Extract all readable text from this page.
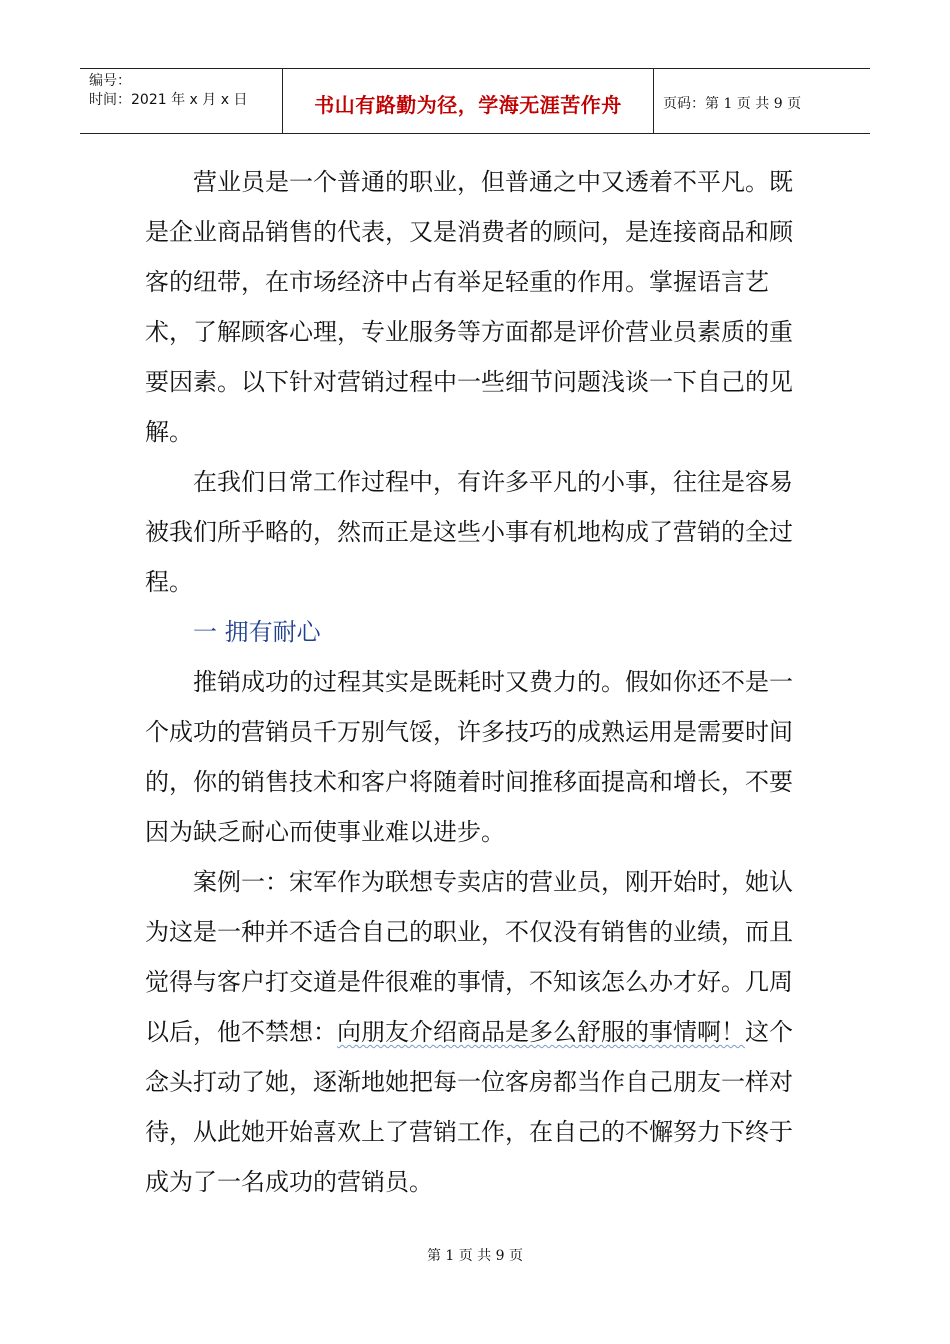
编号：
时间：2021 年 x 月 x 日	书山有路勤为径，学海无涯苦作舟	页码：第 1 页 共 9 页

营业员是一个普通的职业，但普通之中又透着不平凡。既是企业商品销售的代表，又是消费者的顾问，是连接商品和顾客的纽带，在市场经济中占有举足轻重的作用。掌握语言艺术，了解顾客心理，专业服务等方面都是评价营业员素质的重要因素。以下针对营销过程中一些细节问题浅谈一下自己的见解。

在我们日常工作过程中，有许多平凡的小事，往往是容易被我们所乎略的，然而正是这些小事有机地构成了营销的全过程。

一 拥有耐心

推销成功的过程其实是既耗时又费力的。假如你还不是一个成功的营销员千万别气馁，许多技巧的成熟运用是需要时间的，你的销售技术和客户将随着时间推移面提高和增长，不要因为缺乏耐心而使事业难以进步。

案例一：宋军作为联想专卖店的营业员，刚开始时，她认为这是一种并不适合自己的职业，不仅没有销售的业绩，而且觉得与客户打交道是件很难的事情，不知该怎么办才好。几周以后，他不禁想：向朋友介绍商品是多么舒服的事情啊！这个念头打动了她，逐渐地她把每一位客房都当作自己朋友一样对待，从此她开始喜欢上了营销工作，在自己的不懈努力下终于成为了一名成功的营销员。

第 1 页 共 9 页
